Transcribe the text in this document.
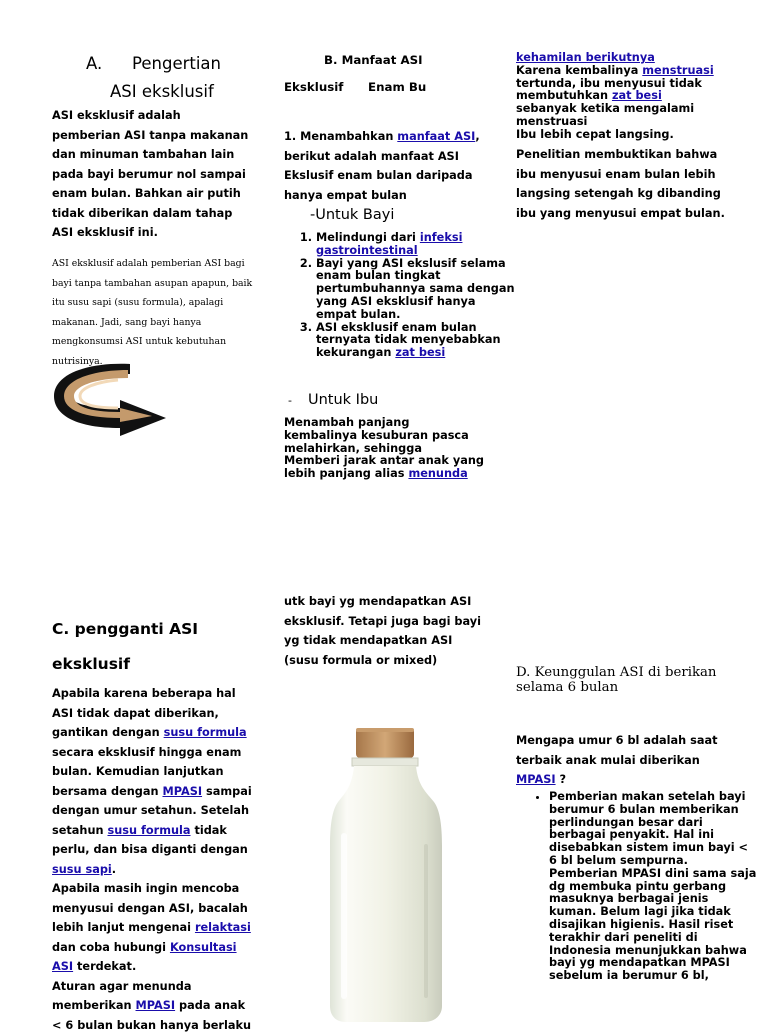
A. Pengertian
ASI eksklusif
ASI eksklusif adalah pemberian ASI tanpa makanan dan minuman tambahan lain pada bayi berumur nol sampai enam bulan. Bahkan air putih tidak diberikan dalam tahap ASI eksklusif ini.
ASI eksklusif adalah pemberian ASI bagi bayi tanpa tambahan asupan apapun, baik itu susu sapi (susu formula), apalagi makanan. Jadi, sang bayi hanya mengkonsumsi ASI untuk kebutuhan nutrisinya.
B. Manfaat ASI
Eksklusif      Enam Bu
1. Menambahkan manfaat ASI, berikut adalah manfaat ASI Ekslusif enam bulan daripada hanya empat bulan
-Untuk Bayi
1. Melindungi dari infeksi gastrointestinal
2. Bayi yang ASI ekslusif selama enam bulan tingkat pertumbuhannya sama dengan yang ASI eksklusif hanya empat bulan.
3. ASI eksklusif enam bulan ternyata tidak menyebabkan kekurangan zat besi
- Untuk Ibu
Menambah panjang kembalinya kesuburan pasca melahirkan, sehingga
Memberi jarak antar anak yang lebih panjang alias menunda
utk bayi yg mendapatkan ASI eksklusif. Tetapi juga bagi bayi yg tidak mendapatkan ASI (susu formula or mixed)
C. pengganti ASI
eksklusif
Apabila karena beberapa hal ASI tidak dapat diberikan, gantikan dengan susu formula secara eksklusif hingga enam bulan. Kemudian lanjutkan bersama dengan MPASI sampai dengan umur setahun. Setelah setahun susu formula tidak perlu, dan bisa diganti dengan susu sapi.
Apabila masih ingin mencoba menyusui dengan ASI, bacalah lebih lanjut mengenai relaktasi dan coba hubungi Konsultasi ASI terdekat.
Aturan agar menunda memberikan MPASI pada anak < 6 bulan bukan hanya berlaku
kehamilan berikutnya
Karena kembalinya menstruasi tertunda, ibu menyusui tidak membutuhkan zat besi sebanyak ketika mengalami menstruasi
Ibu lebih cepat langsing.
Penelitian membuktikan bahwa ibu menyusui enam bulan lebih langsing setengah kg dibanding ibu yang menyusui empat bulan.
D. Keunggulan ASI di berikan selama 6 bulan
Mengapa umur 6 bl adalah saat terbaik anak mulai diberikan MPASI ?
• Pemberian makan setelah bayi berumur 6 bulan memberikan perlindungan besar dari berbagai penyakit. Hal ini disebabkan sistem imun bayi < 6 bl belum sempurna. Pemberian MPASI dini sama saja dg membuka pintu gerbang masuknya berbagai jenis kuman. Belum lagi jika tidak disajikan higienis. Hasil riset terakhir dari peneliti di Indonesia menunjukkan bahwa bayi yg mendapatkan MPASI sebelum ia berumur 6 bl,
